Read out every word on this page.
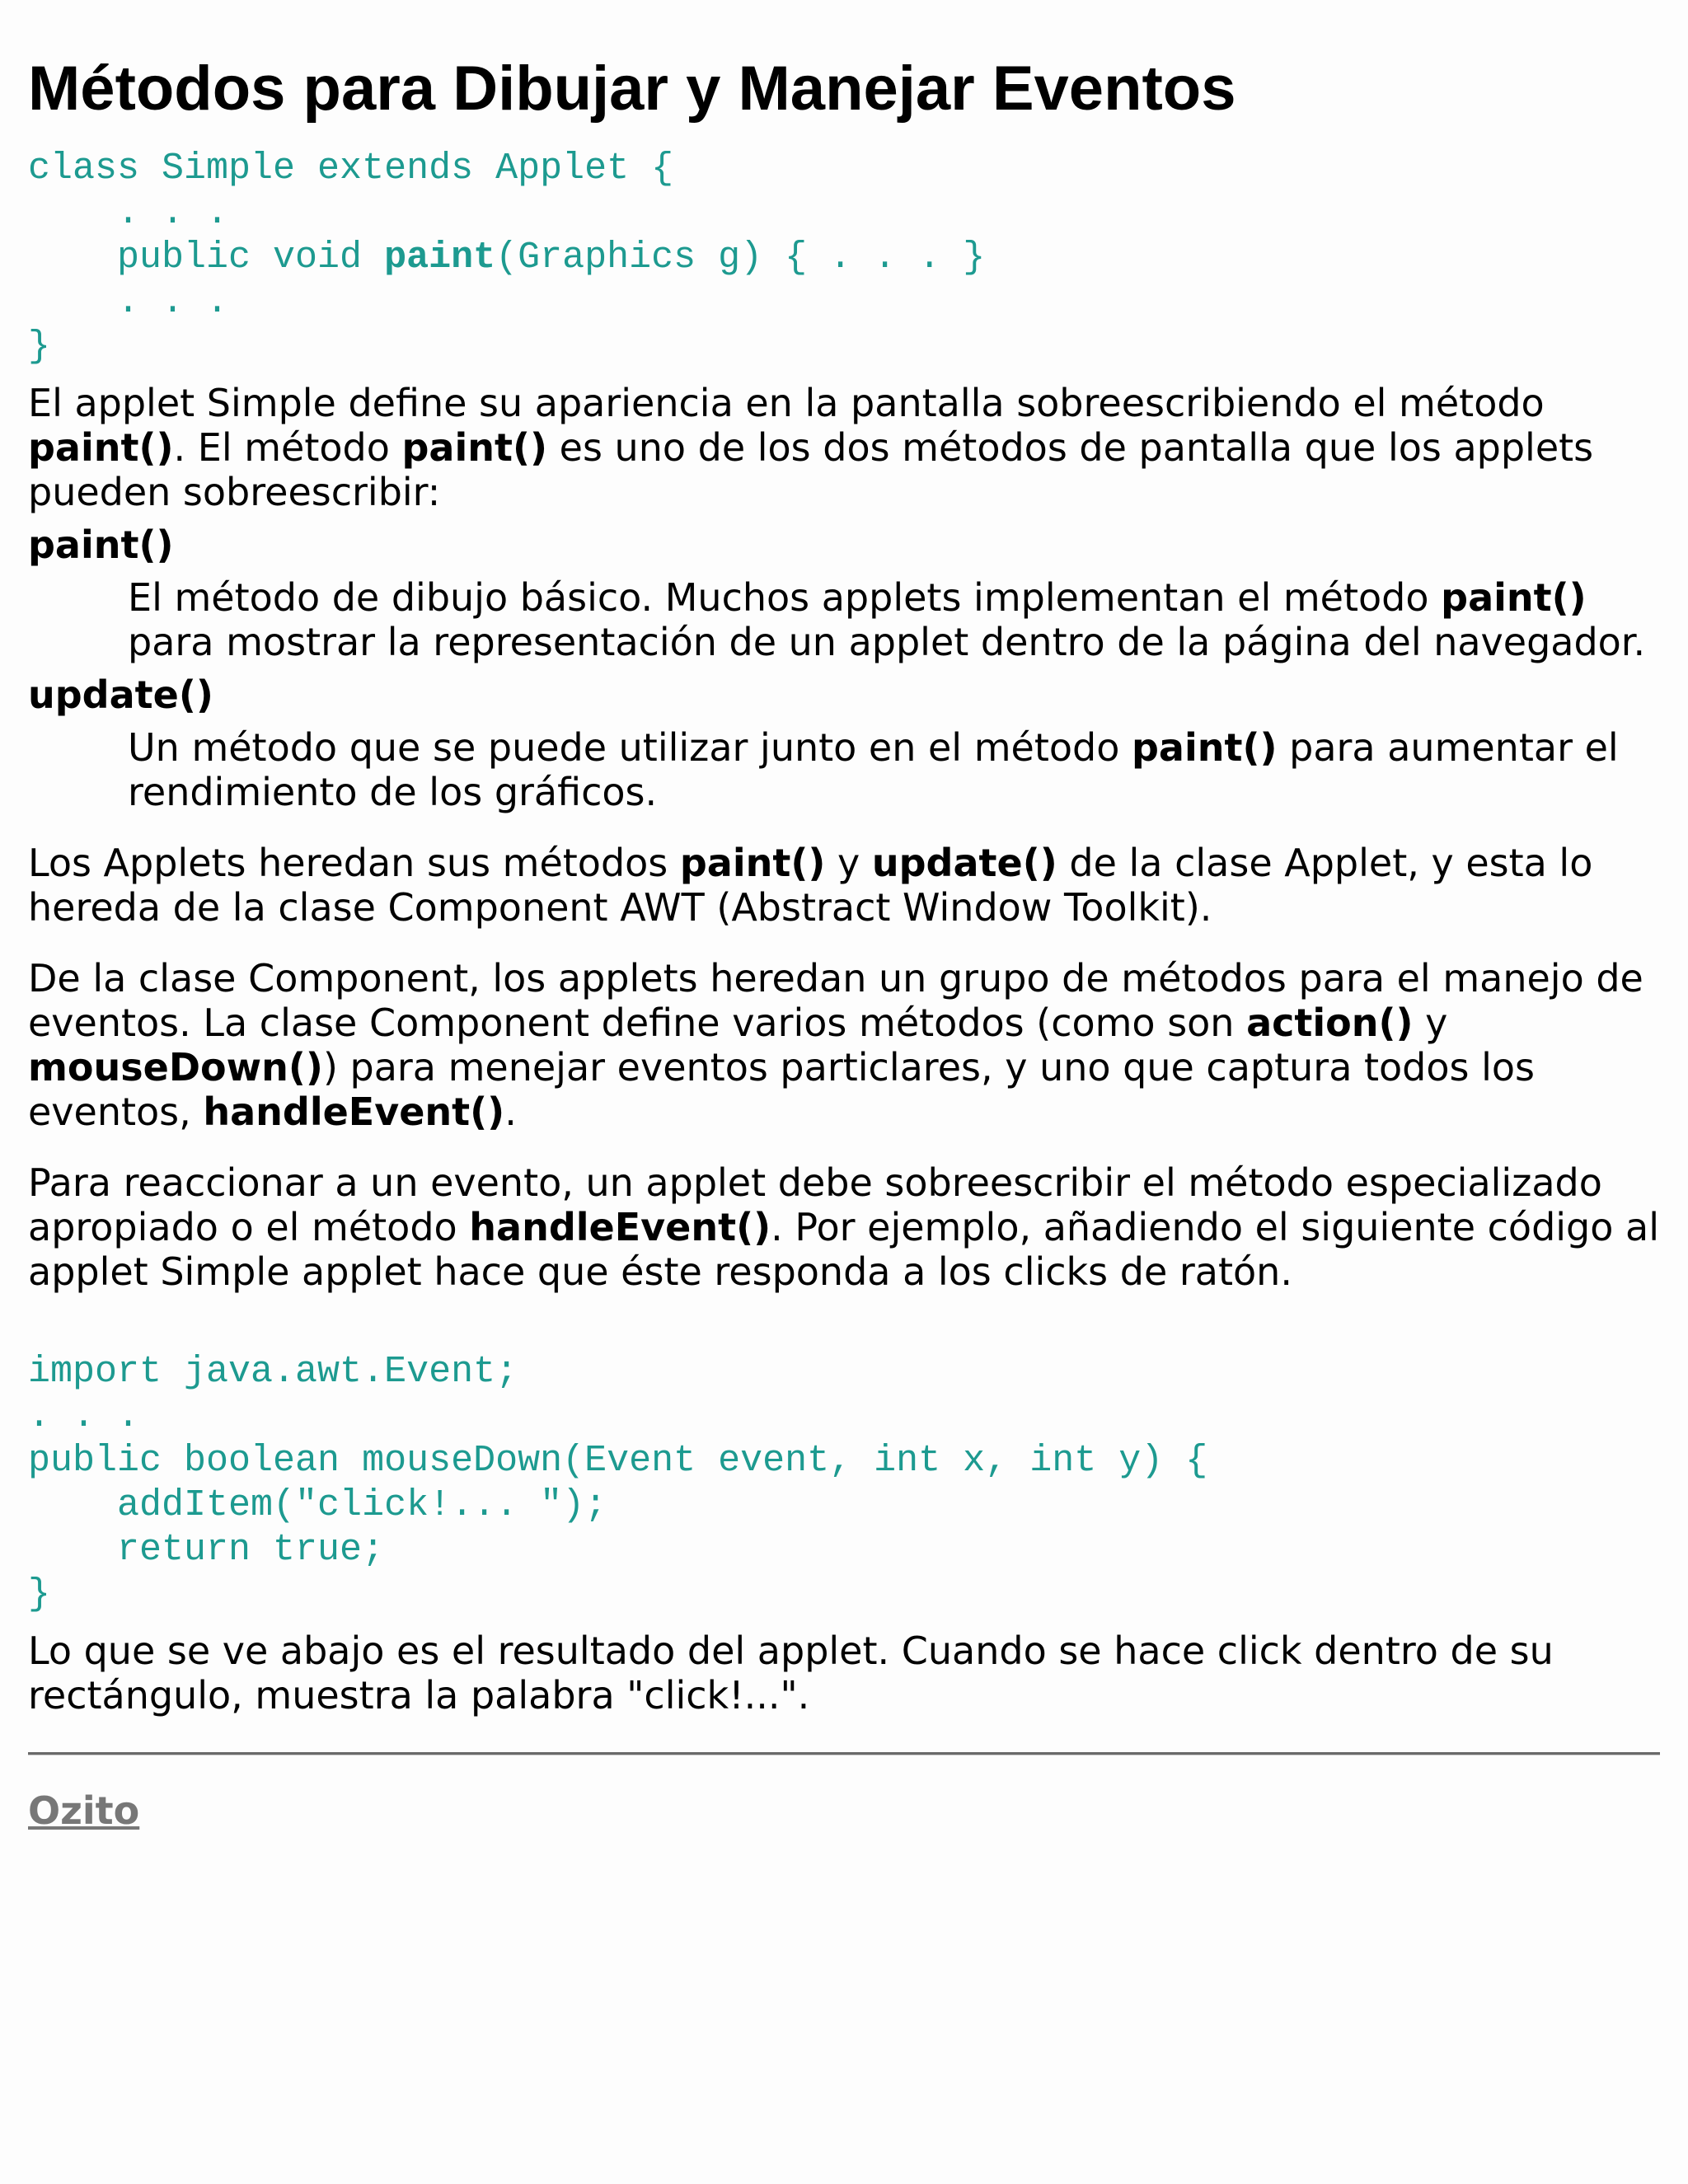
Métodos para Dibujar y Manejar Eventos
class Simple extends Applet {
. . .
public void paint(Graphics g) { . . . }
. . .
}

El applet Simple define su apariencia en la pantalla sobreescribiendo el método paint(). El método paint() es uno de los dos métodos de pantalla que los applets pueden sobreescribir:

paint()
El método de dibujo básico. Muchos applets implementan el método paint() para mostrar la representación de un applet dentro de la página del navegador.
update()
Un método que se puede utilizar junto en el método paint() para aumentar el rendimiento de los gráficos.

Los Applets heredan sus métodos paint() y update() de la clase Applet, y esta lo hereda de la clase Component AWT (Abstract Window Toolkit).

De la clase Component, los applets heredan un grupo de métodos para el manejo de eventos. La clase Component define varios métodos (como son action() y mouseDown()) para menejar eventos particlares, y uno que captura todos los eventos, handleEvent().

Para reaccionar a un evento, un applet debe sobreescribir el método especializado apropiado o el método handleEvent(). Por ejemplo, añadiendo el siguiente código al applet Simple applet hace que éste responda a los clicks de ratón.

import java.awt.Event;
. . .
public boolean mouseDown(Event event, int x, int y) {
addItem("click!... ");
return true;
}

Lo que se ve abajo es el resultado del applet. Cuando se hace click dentro de su rectángulo, muestra la palabra "click!...".

Ozito
